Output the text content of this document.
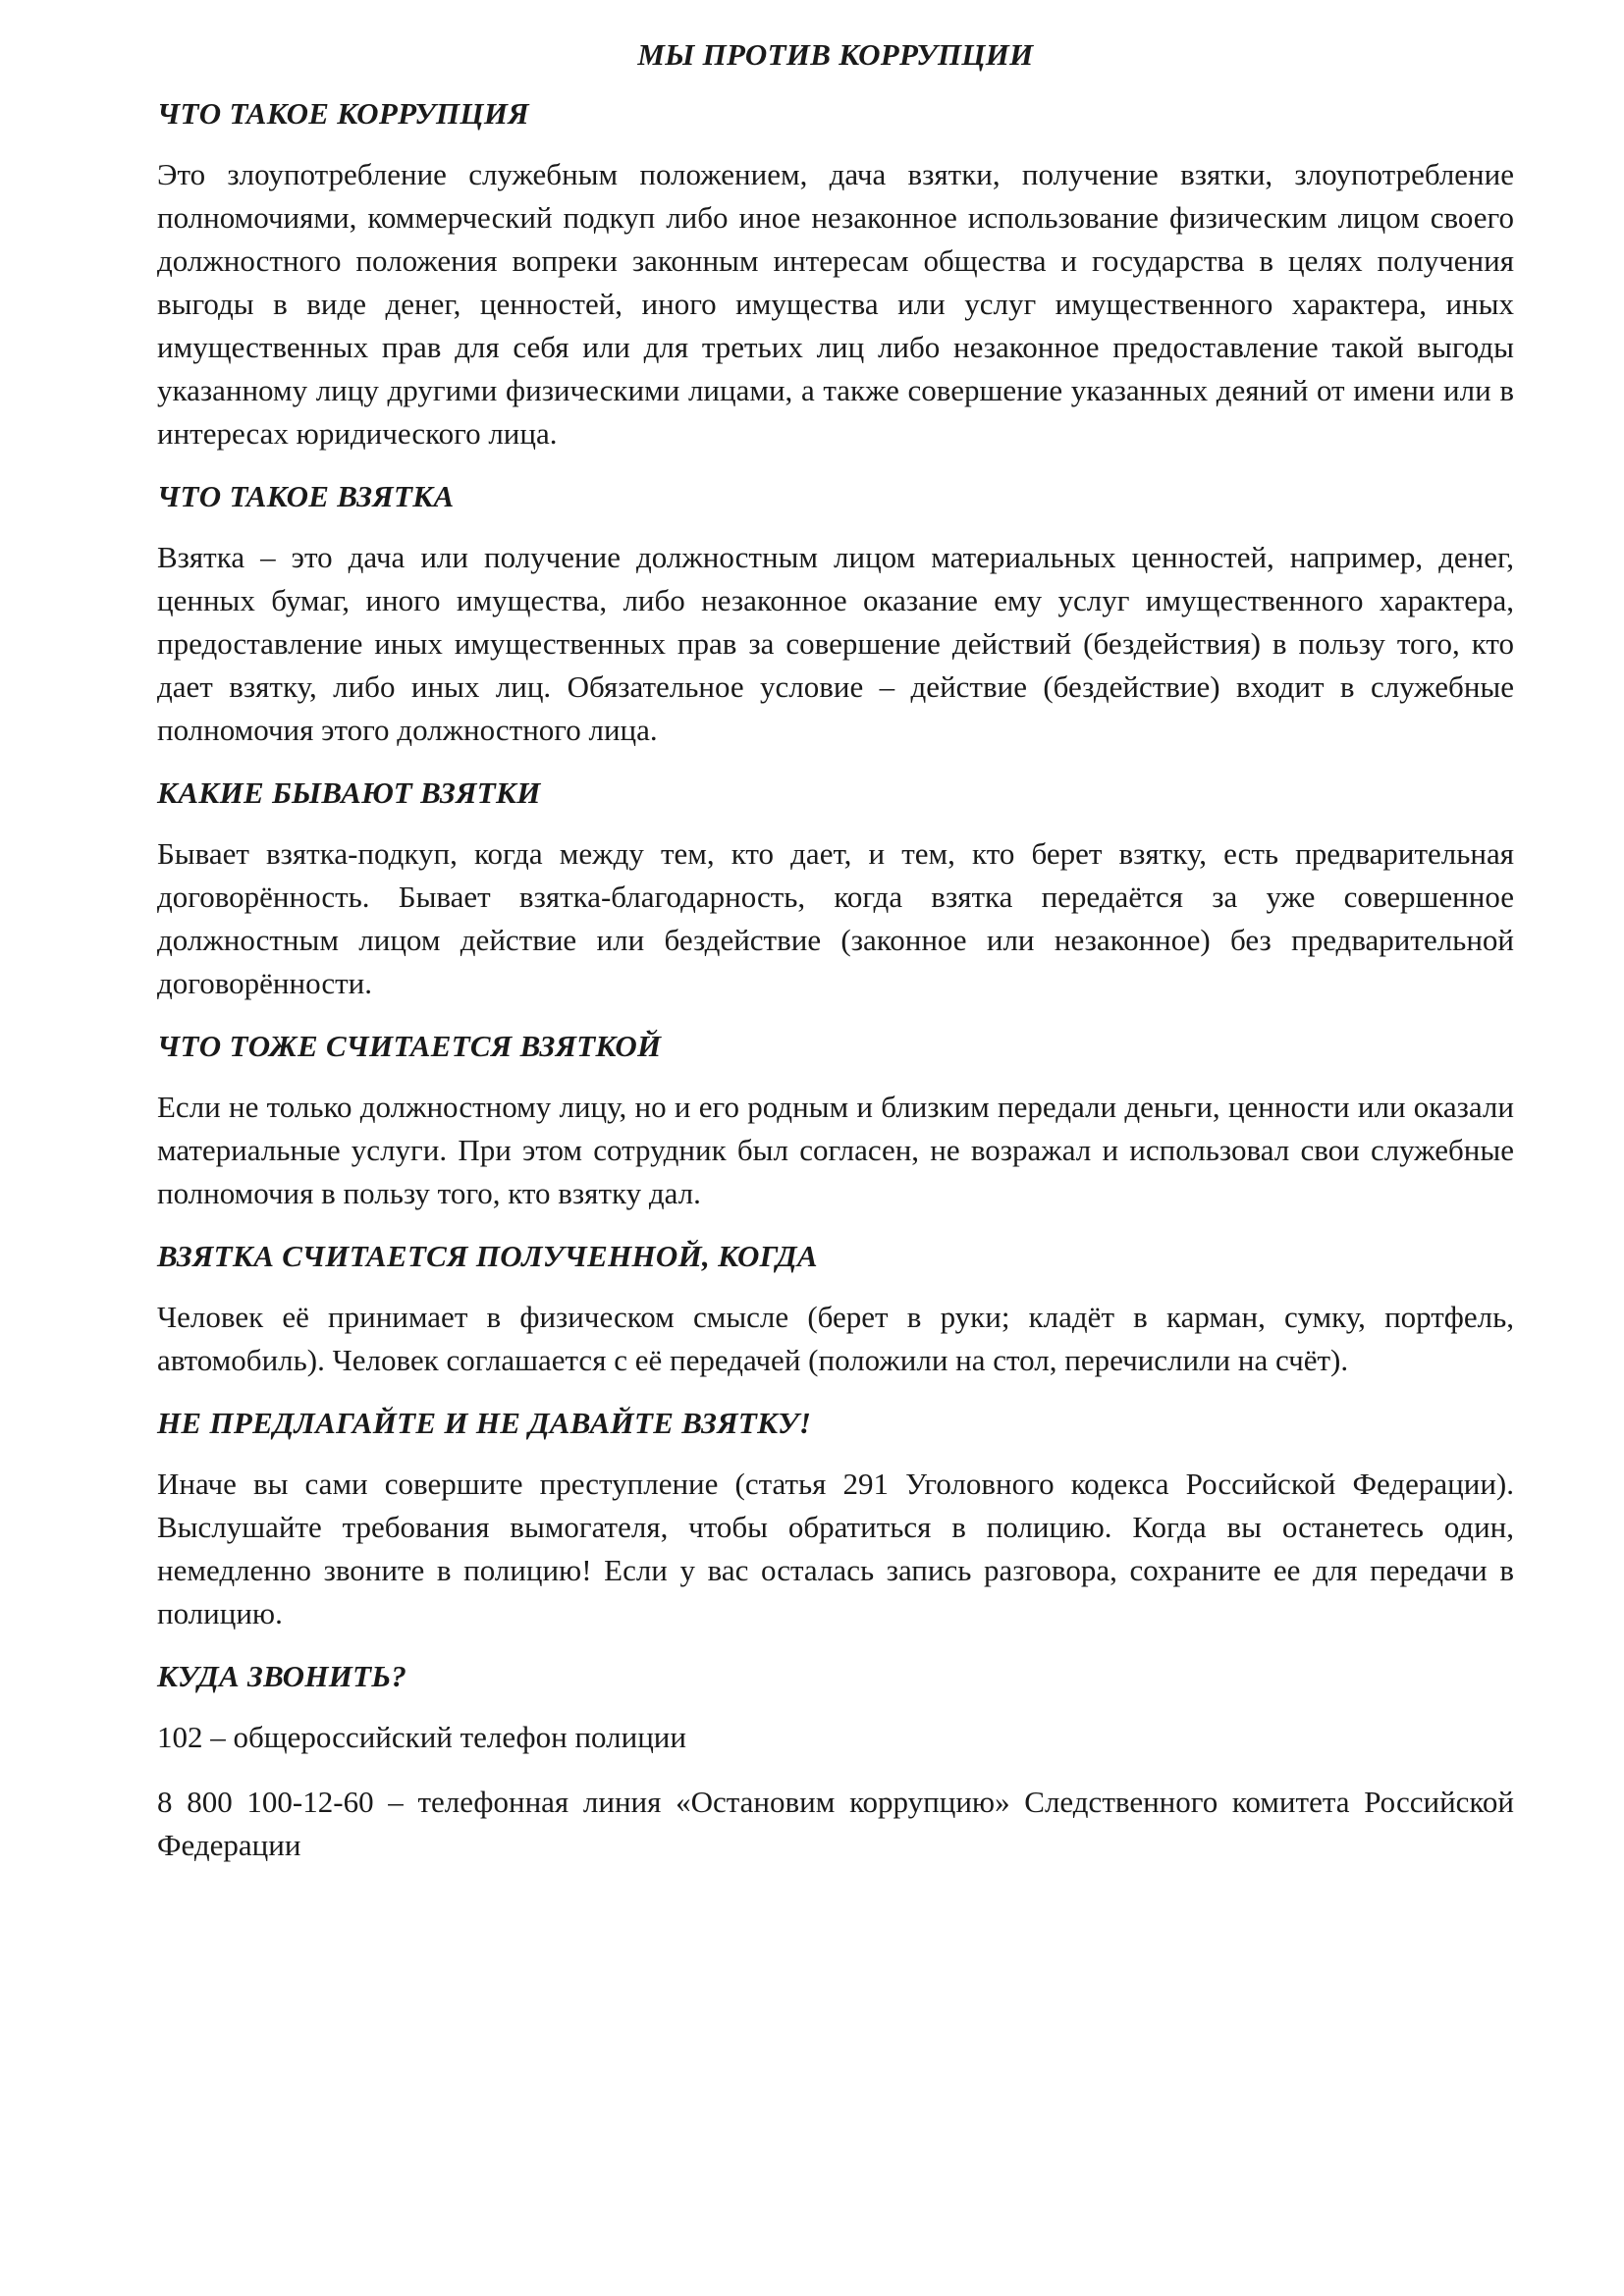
МЫ ПРОТИВ КОРРУПЦИИ
ЧТО ТАКОЕ КОРРУПЦИЯ
Это злоупотребление служебным положением, дача взятки, получение взятки, злоупотребление полномочиями, коммерческий подкуп либо иное незаконное использование физическим лицом своего должностного положения вопреки законным интересам общества и государства в целях получения выгоды в виде денег, ценностей, иного имущества или услуг имущественного характера, иных имущественных прав для себя или для третьих лиц либо незаконное предоставление такой выгоды указанному лицу другими физическими лицами, а также совершение указанных деяний от имени или в интересах юридического лица.
ЧТО ТАКОЕ ВЗЯТКА
Взятка – это дача или получение должностным лицом материальных ценностей, например, денег, ценных бумаг, иного имущества, либо незаконное оказание ему услуг имущественного характера, предоставление иных имущественных прав за совершение действий (бездействия) в пользу того, кто дает взятку, либо иных лиц. Обязательное условие – действие (бездействие) входит в служебные полномочия этого должностного лица.
КАКИЕ БЫВАЮТ ВЗЯТКИ
Бывает взятка-подкуп, когда между тем, кто дает, и тем, кто берет взятку, есть предварительная договорённость. Бывает взятка-благодарность, когда взятка передаётся за уже совершенное должностным лицом действие или бездействие (законное или незаконное) без предварительной договорённости.
ЧТО ТОЖЕ СЧИТАЕТСЯ ВЗЯТКОЙ
Если не только должностному лицу, но и его родным и близким передали деньги, ценности или оказали материальные услуги. При этом сотрудник был согласен, не возражал и использовал свои служебные полномочия в пользу того, кто взятку дал.
ВЗЯТКА СЧИТАЕТСЯ ПОЛУЧЕННОЙ, КОГДА
Человек её принимает в физическом смысле (берет в руки; кладёт в карман, сумку, портфель, автомобиль). Человек соглашается с её передачей (положили на стол, перечислили на счёт).
НЕ ПРЕДЛАГАЙТЕ И НЕ ДАВАЙТЕ ВЗЯТКУ!
Иначе вы сами совершите преступление (статья 291 Уголовного кодекса Российской Федерации). Выслушайте требования вымогателя, чтобы обратиться в полицию. Когда вы останетесь один, немедленно звоните в полицию! Если у вас осталась запись разговора, сохраните ее для передачи в полицию.
КУДА ЗВОНИТЬ?
102 – общероссийский телефон полиции
8 800 100-12-60 – телефонная линия «Остановим коррупцию» Следственного комитета Российской Федерации
